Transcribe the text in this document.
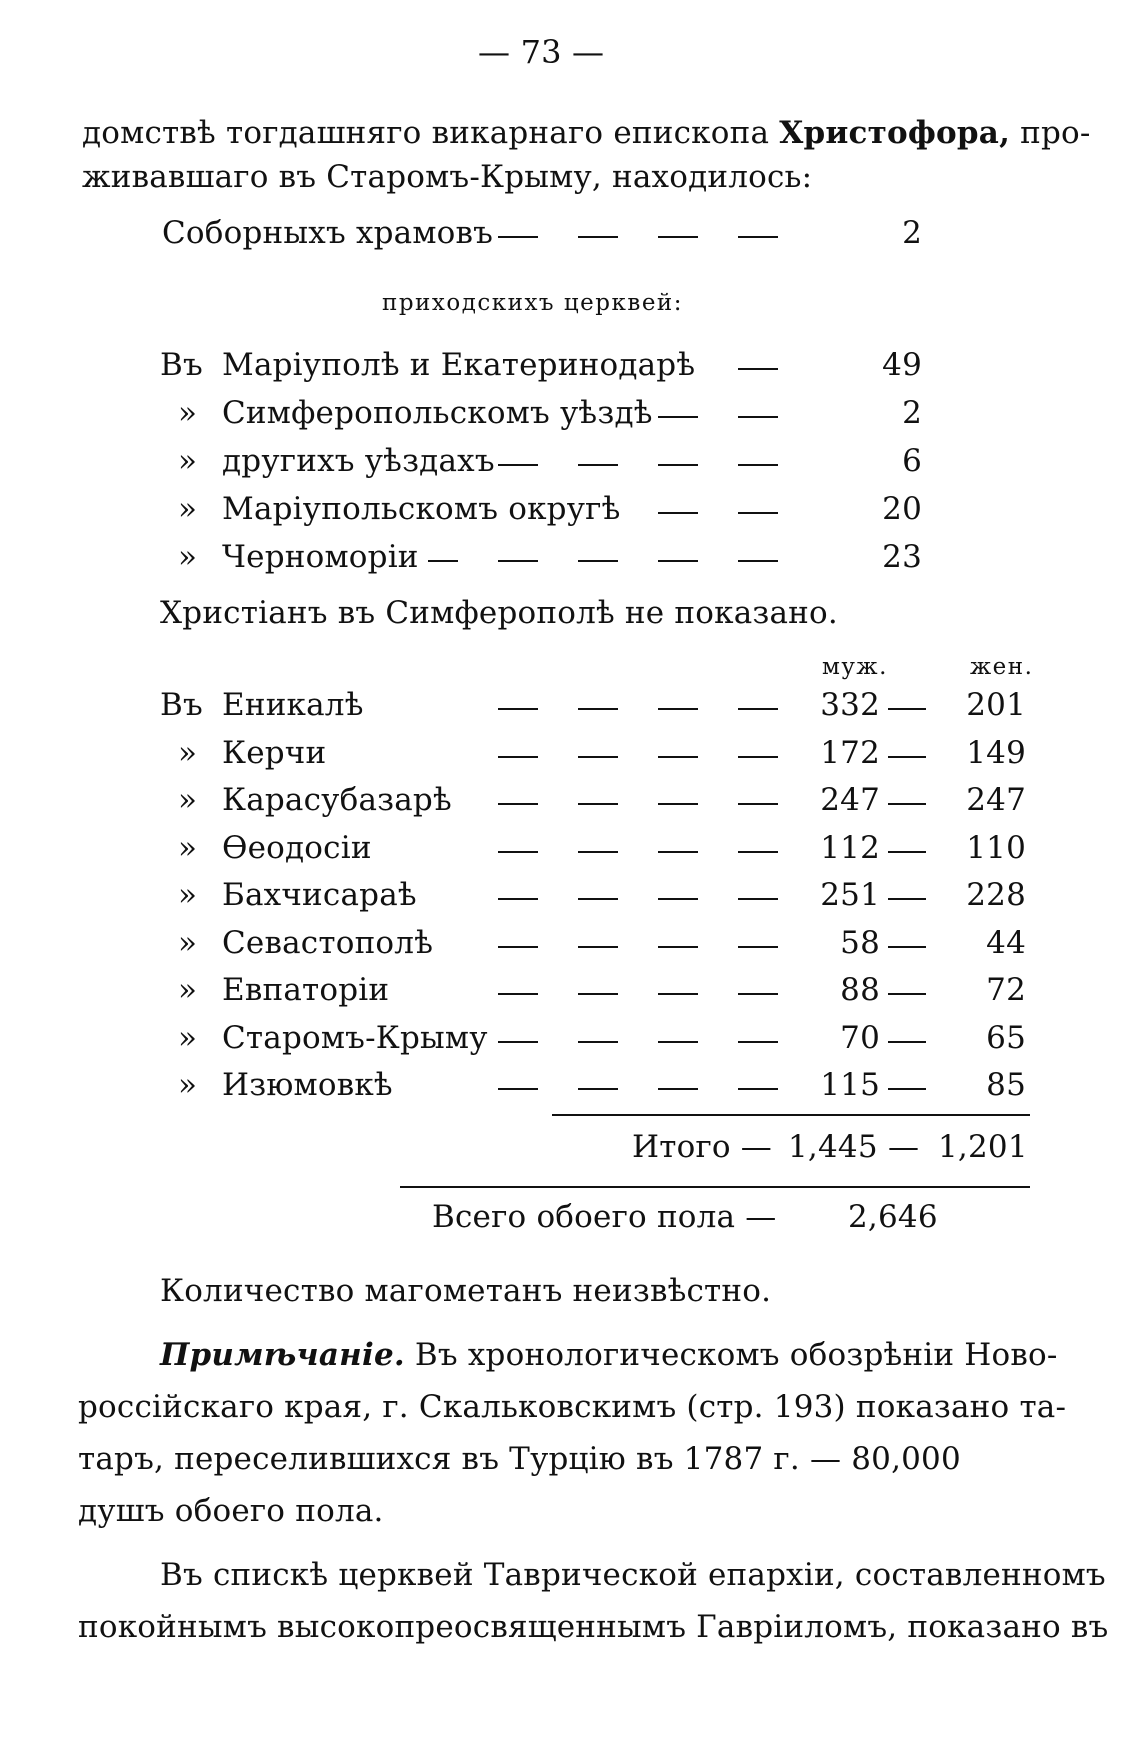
— 73 —
домствѣ тогдашняго викарнаго епископа Христофора, про-
живавшаго въ Старомъ-Крыму, находилось:
Соборныхъ храмовъ	2
приходскихъ церквей:
Въ Маріуполѣ и Екатеринодарѣ	49
» Симферопольскомъ уѣздѣ	2
» другихъ уѣздахъ	6
» Маріупольскомъ округѣ	20
» Черноморіи	23
Христіанъ въ Симферополѣ не показано.
муж.	жен.
Въ Еникалѣ	332	201
» Керчи	172	149
» Карасубазарѣ	247	247
» Ѳеодосіи	112	110
» Бахчисараѣ	251	228
» Севастополѣ	58	44
» Евпаторіи	88	72
» Старомъ-Крыму	70	65
» Изюмовкѣ	115	85
Итого — 1,445 — 1,201
Всего обоего пола — 2,646
Количество магометанъ неизвѣстно.
Примѣчаніе. Въ хронологическомъ обозрѣніи Ново-
россійскаго края, г. Скальковскимъ (стр. 193) показано та-
таръ, переселившихся въ Турцію въ 1787 г. — 80,000
душъ обоего пола.
Въ спискѣ церквей Таврической епархіи, составленномъ
покойнымъ высокопреосвященнымъ Гавріиломъ, показано въ
